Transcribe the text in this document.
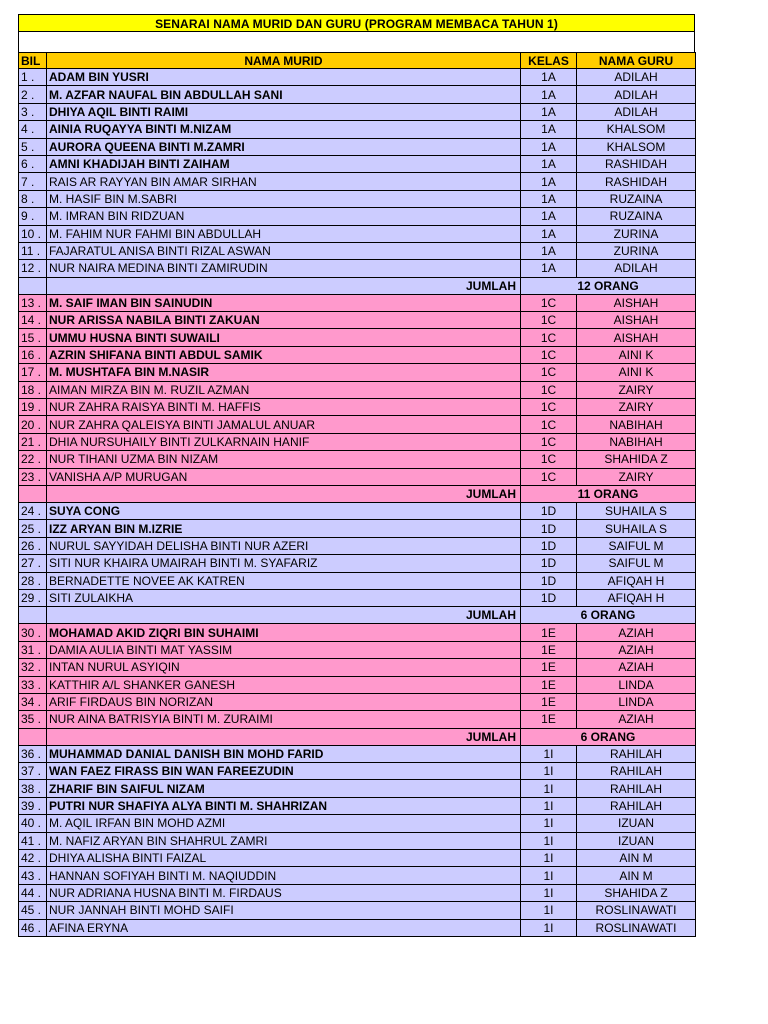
SENARAI NAMA MURID DAN GURU (PROGRAM MEMBACA TAHUN 1)
BIL	NAMA MURID	KELAS	NAMA GURU
1 .	ADAM BIN YUSRI	1A	ADILAH
2 .	M. AZFAR NAUFAL BIN ABDULLAH SANI	1A	ADILAH
3 .	DHIYA AQIL BINTI RAIMI	1A	ADILAH
4 .	AINIA RUQAYYA BINTI M.NIZAM	1A	KHALSOM
5 .	AURORA QUEENA BINTI M.ZAMRI	1A	KHALSOM
6 .	AMNI KHADIJAH BINTI ZAIHAM	1A	RASHIDAH
7 .	RAIS AR RAYYAN BIN AMAR SIRHAN	1A	RASHIDAH
8 .	M. HASIF BIN M.SABRI	1A	RUZAINA
9 .	M. IMRAN BIN RIDZUAN	1A	RUZAINA
10 .	M. FAHIM NUR FAHMI BIN ABDULLAH	1A	ZURINA
11 .	FAJARATUL ANISA BINTI RIZAL ASWAN	1A	ZURINA
12 .	NUR NAIRA MEDINA BINTI ZAMIRUDIN	1A	ADILAH
	JUMLAH	12 ORANG	
13 .	M. SAIF IMAN BIN SAINUDIN	1C	AISHAH
14 .	NUR ARISSA NABILA BINTI ZAKUAN	1C	AISHAH
15 .	UMMU HUSNA BINTI SUWAILI	1C	AISHAH
16 .	AZRIN SHIFANA BINTI ABDUL SAMIK	1C	AINI K
17 .	M. MUSHTAFA BIN M.NASIR	1C	AINI K
18 .	AIMAN MIRZA BIN M. RUZIL AZMAN	1C	ZAIRY
19 .	NUR ZAHRA RAISYA BINTI M. HAFFIS	1C	ZAIRY
20 .	NUR ZAHRA QALEISYA BINTI JAMALUL ANUAR	1C	NABIHAH
21 .	DHIA NURSUHAILY BINTI ZULKARNAIN HANIF	1C	NABIHAH
22 .	NUR TIHANI UZMA BIN NIZAM	1C	SHAHIDA Z
23 .	VANISHA A/P MURUGAN	1C	ZAIRY
	JUMLAH	11 ORANG	
24 .	SUYA CONG	1D	SUHAILA S
25 .	IZZ ARYAN BIN M.IZRIE	1D	SUHAILA S
26 .	NURUL SAYYIDAH DELISHA BINTI NUR AZERI	1D	SAIFUL M
27 .	SITI NUR KHAIRA UMAIRAH BINTI M. SYAFARIZ	1D	SAIFUL M
28 .	BERNADETTE NOVEE AK KATREN	1D	AFIQAH H
29 .	SITI ZULAIKHA	1D	AFIQAH H
	JUMLAH	6 ORANG	
30 .	MOHAMAD AKID ZIQRI BIN SUHAIMI	1E	AZIAH
31 .	DAMIA AULIA BINTI MAT YASSIM	1E	AZIAH
32 .	INTAN NURUL ASYIQIN	1E	AZIAH
33 .	KATTHIR A/L SHANKER GANESH	1E	LINDA
34 .	ARIF FIRDAUS BIN NORIZAN	1E	LINDA
35 .	NUR AINA BATRISYIA BINTI M. ZURAIMI	1E	AZIAH
	JUMLAH	6 ORANG	
36 .	MUHAMMAD DANIAL DANISH BIN MOHD FARID	1I	RAHILAH
37 .	WAN FAEZ FIRASS BIN WAN FAREEZUDIN	1I	RAHILAH
38 .	ZHARIF BIN SAIFUL NIZAM	1I	RAHILAH
39 .	PUTRI NUR SHAFIYA ALYA BINTI M. SHAHRIZAN	1I	RAHILAH
40 .	M. AQIL IRFAN BIN MOHD AZMI	1I	IZUAN
41 .	M. NAFIZ ARYAN BIN SHAHRUL ZAMRI	1I	IZUAN
42 .	DHIYA ALISHA BINTI FAIZAL	1I	AIN M
43 .	HANNAN SOFIYAH BINTI M. NAQIUDDIN	1I	AIN M
44 .	NUR ADRIANA HUSNA BINTI M. FIRDAUS	1I	SHAHIDA Z
45 .	NUR JANNAH BINTI MOHD SAIFI	1I	ROSLINAWATI
46 .	AFINA ERYNA	1I	ROSLINAWATI
